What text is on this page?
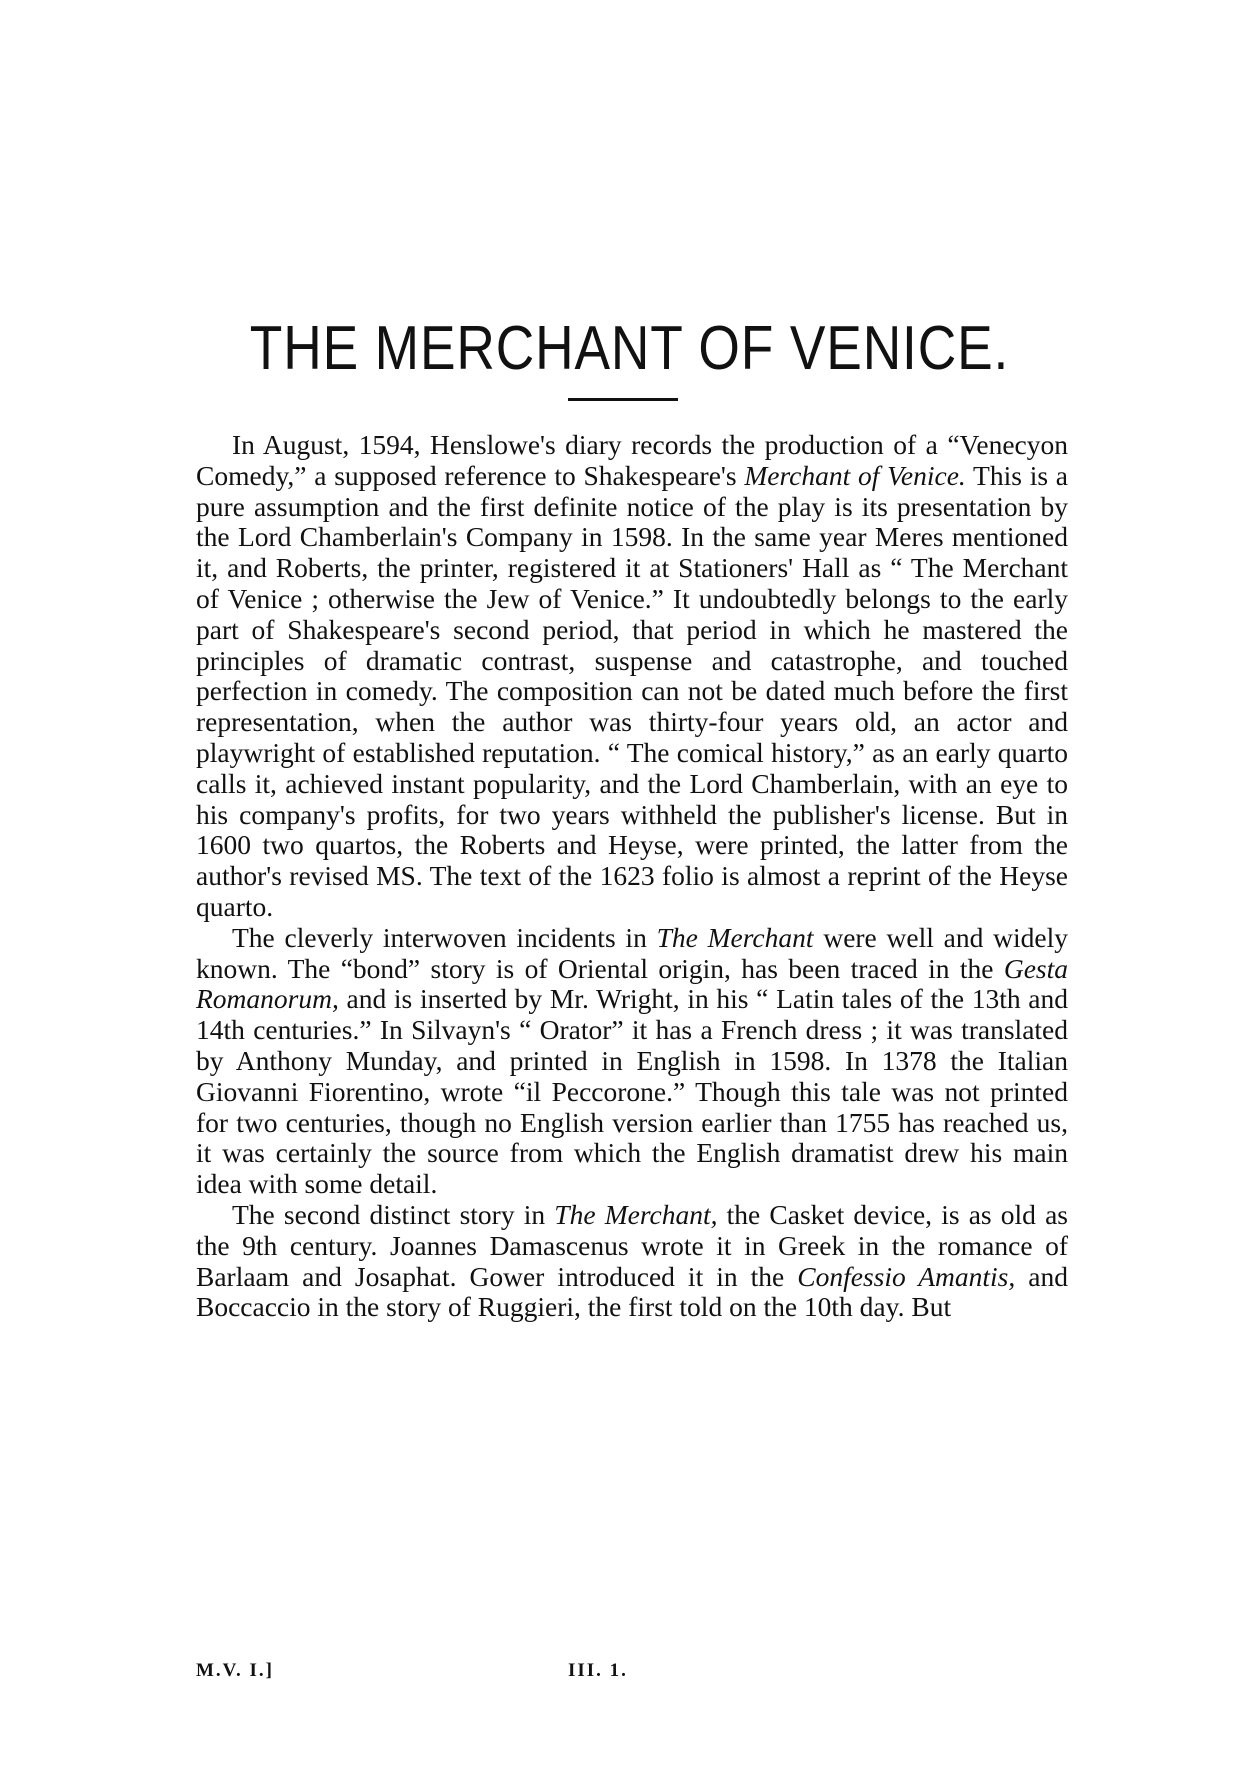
THE MERCHANT OF VENICE.

In August, 1594, Henslowe's diary records the production of a “Venecyon Comedy,” a supposed reference to Shakespeare's Merchant of Venice. This is a pure assumption and the first definite notice of the play is its presentation by the Lord Chamberlain's Company in 1598. In the same year Meres mentioned it, and Roberts, the printer, registered it at Stationers' Hall as “ The Merchant of Venice ; otherwise the Jew of Venice.” It undoubtedly belongs to the early part of Shakespeare's second period, that period in which he mastered the principles of dramatic contrast, suspense and catastrophe, and touched perfection in comedy. The composition can not be dated much before the first representation, when the author was thirty-four years old, an actor and playwright of established reputation. “ The comical history,” as an early quarto calls it, achieved instant popularity, and the Lord Chamberlain, with an eye to his company's profits, for two years withheld the publisher's license. But in 1600 two quartos, the Roberts and Heyse, were printed, the latter from the author's revised MS. The text of the 1623 folio is almost a reprint of the Heyse quarto.

The cleverly interwoven incidents in The Merchant were well and widely known. The “bond” story is of Oriental origin, has been traced in the Gesta Romanorum, and is inserted by Mr. Wright, in his “ Latin tales of the 13th and 14th centuries.” In Silvayn's “ Orator” it has a French dress ; it was translated by Anthony Munday, and printed in English in 1598. In 1378 the Italian Giovanni Fiorentino, wrote “il Peccorone.” Though this tale was not printed for two centuries, though no English version earlier than 1755 has reached us, it was certainly the source from which the English dramatist drew his main idea with some detail.

The second distinct story in The Merchant, the Casket device, is as old as the 9th century. Joannes Damascenus wrote it in Greek in the romance of Barlaam and Josaphat. Gower introduced it in the Confessio Amantis, and Boccaccio in the story of Ruggieri, the first told on the 10th day. But

M.V. I.]	III. 1.
